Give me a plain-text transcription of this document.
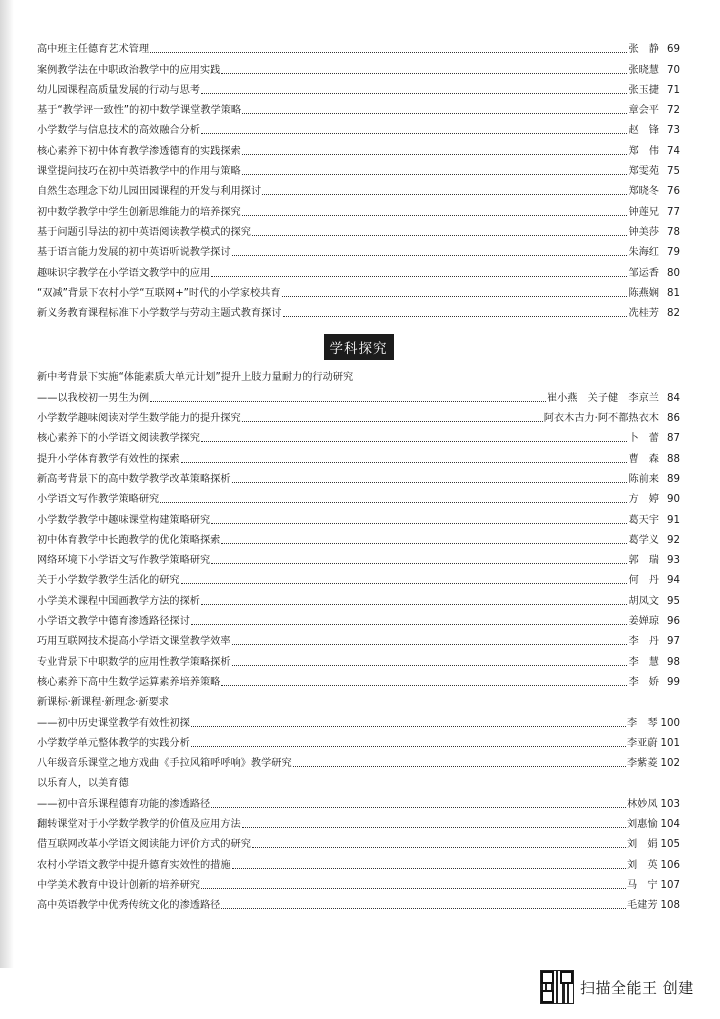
高中班主任德育艺术管理	张　静 69
案例教学法在中职政治教学中的应用实践	张晓慧 70
幼儿园课程高质量发展的行动与思考	张玉捷 71
基于“教学评一致性”的初中数学课堂教学策略	章会平 72
小学数学与信息技术的高效融合分析	赵　锋 73
核心素养下初中体育教学渗透德育的实践探索	郑　伟 74
课堂提问技巧在初中英语教学中的作用与策略	郑雯苑 75
自然生态理念下幼儿园田园课程的开发与利用探讨	郑晓冬 76
初中数学教学中学生创新思维能力的培养探究	钟莲兄 77
基于问题引导法的初中英语阅读教学模式的探究	钟美莎 78
基于语言能力发展的初中英语听说教学探讨	朱海红 79
趣味识字教学在小学语文教学中的应用	邹运香 80
“双减”背景下农村小学“互联网+”时代的小学家校共育	陈燕娴 81
新义务教育课程标准下小学数学与劳动主题式教育探讨	冼桂芳 82
学科探究
新中考背景下实施“体能素质大单元计划”提升上肢力量耐力的行动研究
——以我校初一男生为例	崔小燕　关子健　李京兰 84
小学数学趣味阅读对学生数学能力的提升探究	阿衣木古力·阿不都热衣木 86
核心素养下的小学语文阅读教学探究	卜　蕾 87
提升小学体育教学有效性的探索	曹　森 88
新高考背景下的高中数学教学改革策略探析	陈前来 89
小学语文写作教学策略研究	方　婷 90
小学数学教学中趣味课堂构建策略研究	葛天宇 91
初中体育教学中长跑教学的优化策略探索	葛学义 92
网络环境下小学语文写作教学策略研究	郭　瑞 93
关于小学数学教学生活化的研究	何　丹 94
小学美术课程中国画教学方法的探析	胡凤文 95
小学语文教学中德育渗透路径探讨	姜婵琼 96
巧用互联网技术提高小学语文课堂教学效率	李　丹 97
专业背景下中职数学的应用性教学策略探析	李　慧 98
核心素养下高中生数学运算素养培养策略	李　娇 99
新课标·新课程·新理念·新要求
——初中历史课堂教学有效性初探	李　琴 100
小学数学单元整体教学的实践分析	李亚蔚 101
八年级音乐课堂之地方戏曲《手拉风箱呼呼响》教学研究	李紫菱 102
以乐育人，以美育德
——初中音乐课程德育功能的渗透路径	林妙凤 103
翻转课堂对于小学数学教学的价值及应用方法	刘惠愉 104
借互联网改革小学语文阅读能力评价方式的研究	刘　娟 105
农村小学语文教学中提升德育实效性的措施	刘　英 106
中学美术教育中设计创新的培养研究	马　宁 107
高中英语教学中优秀传统文化的渗透路径	毛建芳 108
扫描全能王 创建
